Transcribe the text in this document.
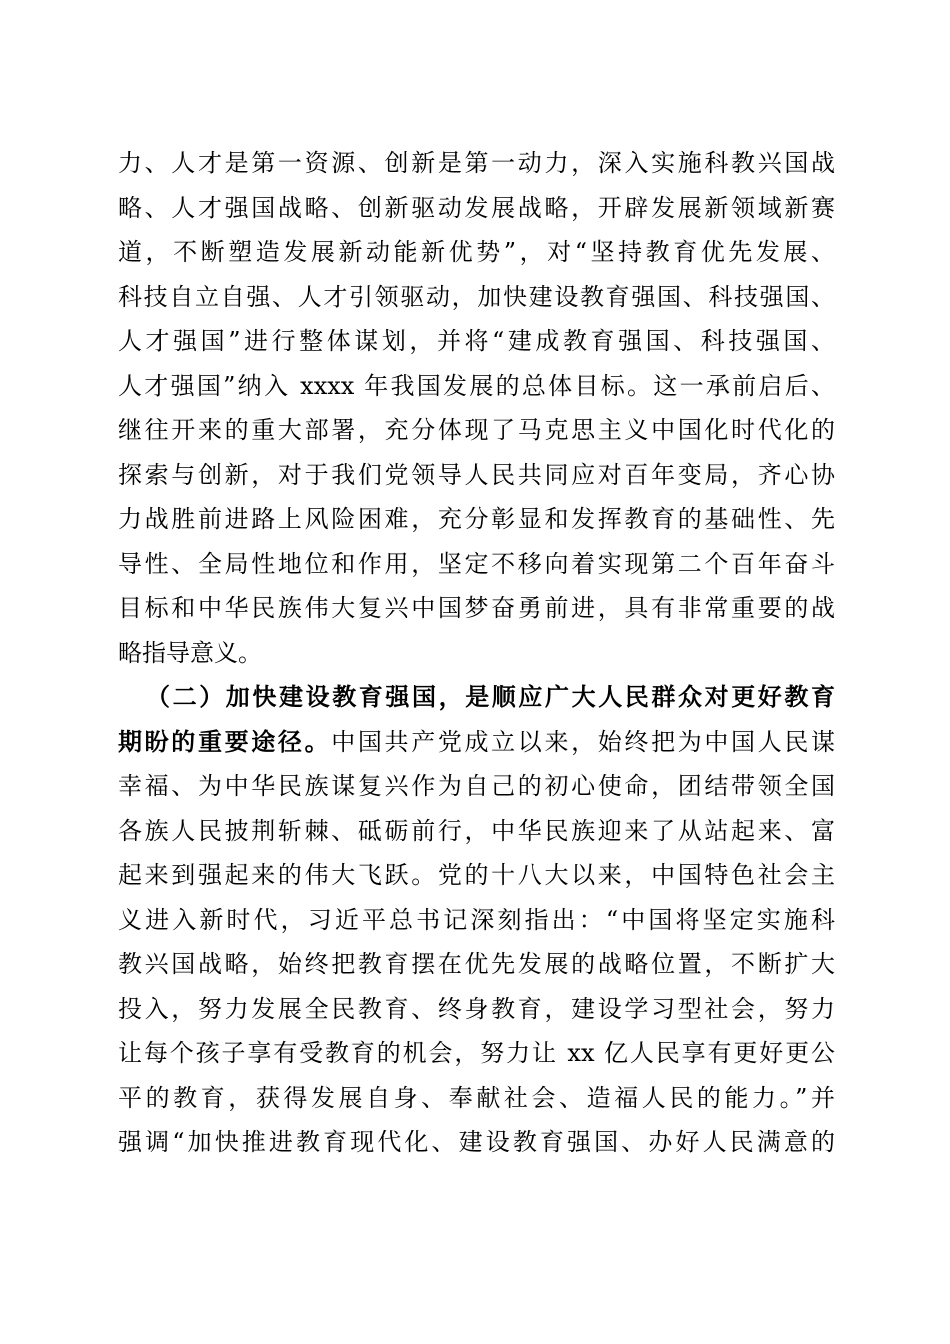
力、人才是第一资源、创新是第一动力，深入实施科教兴国战
略、人才强国战略、创新驱动发展战略，开辟发展新领域新赛
道，不断塑造发展新动能新优势”，对“坚持教育优先发展、
科技自立自强、人才引领驱动，加快建设教育强国、科技强国、
人才强国”进行整体谋划，并将“建成教育强国、科技强国、
人才强国”纳入 xxxx 年我国发展的总体目标。这一承前启后、
继往开来的重大部署，充分体现了马克思主义中国化时代化的
探索与创新，对于我们党领导人民共同应对百年变局，齐心协
力战胜前进路上风险困难，充分彰显和发挥教育的基础性、先
导性、全局性地位和作用，坚定不移向着实现第二个百年奋斗
目标和中华民族伟大复兴中国梦奋勇前进，具有非常重要的战
略指导意义。
（二）加快建设教育强国，是顺应广大人民群众对更好教育
期盼的重要途径。中国共产党成立以来，始终把为中国人民谋
幸福、为中华民族谋复兴作为自己的初心使命，团结带领全国
各族人民披荆斩棘、砥砺前行，中华民族迎来了从站起来、富
起来到强起来的伟大飞跃。党的十八大以来，中国特色社会主
义进入新时代，习近平总书记深刻指出：“中国将坚定实施科
教兴国战略，始终把教育摆在优先发展的战略位置，不断扩大
投入，努力发展全民教育、终身教育，建设学习型社会，努力
让每个孩子享有受教育的机会，努力让 xx 亿人民享有更好更公
平的教育，获得发展自身、奉献社会、造福人民的能力。”并
强调“加快推进教育现代化、建设教育强国、办好人民满意的
